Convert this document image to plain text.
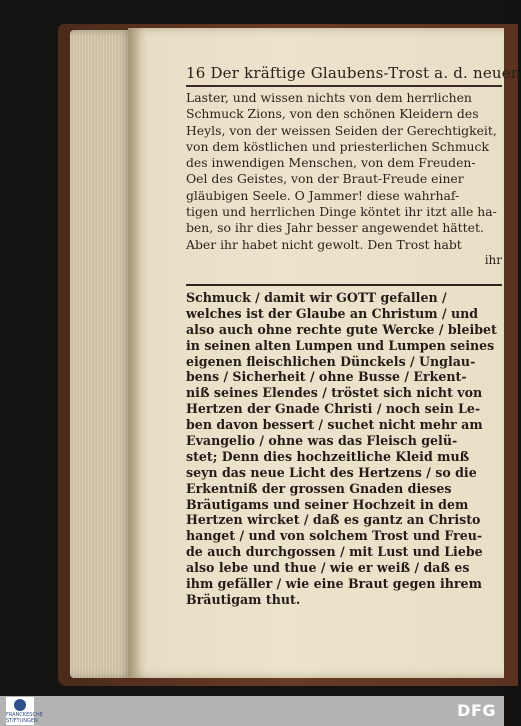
16 Der kräftige Glaubens-Trost a. d. neuen
Laster, und wissen nichts von dem herrlichen
Schmuck Zions, von den schönen Kleidern des
Heyls, von der weissen Seiden der Gerechtigkeit,
von dem köstlichen und priesterlichen Schmuck
des inwendigen Menschen, von dem Freuden-
Oel des Geistes, von der Braut-Freude einer
gläubigen Seele. O Jammer! diese wahrhaf-
tigen und herrlichen Dinge köntet ihr itzt alle ha-
ben, so ihr dies Jahr besser angewendet hättet.
Aber ihr habet nicht gewolt. Den Trost habt
ihr
Schmuck / damit wir GOTT gefallen /
welches ist der Glaube an Christum / und
also auch ohne rechte gute Wercke / bleibet
in seinen alten Lumpen und Lumpen seines
eigenen fleischlichen Dünckels / Unglau-
bens / Sicherheit / ohne Busse / Erkent-
niß seines Elendes / tröstet sich nicht von
Hertzen der Gnade Christi / noch sein Le-
ben davon bessert / suchet nicht mehr am
Evangelio / ohne was das Fleisch gelü-
stet; Denn dies hochzeitliche Kleid muß
seyn das neue Licht des Hertzens / so die
Erkentniß der grossen Gnaden dieses
Bräutigams und seiner Hochzeit in dem
Hertzen wircket / daß es gantz an Christo
hanget / und von solchem Trost und Freu-
de auch durchgossen / mit Lust und Liebe
also lebe und thue / wie er weiß / daß es
ihm gefäller / wie eine Braut gegen ihrem
Bräutigam thut.
FRANCKESCHE STIFTUNGEN
DFG
